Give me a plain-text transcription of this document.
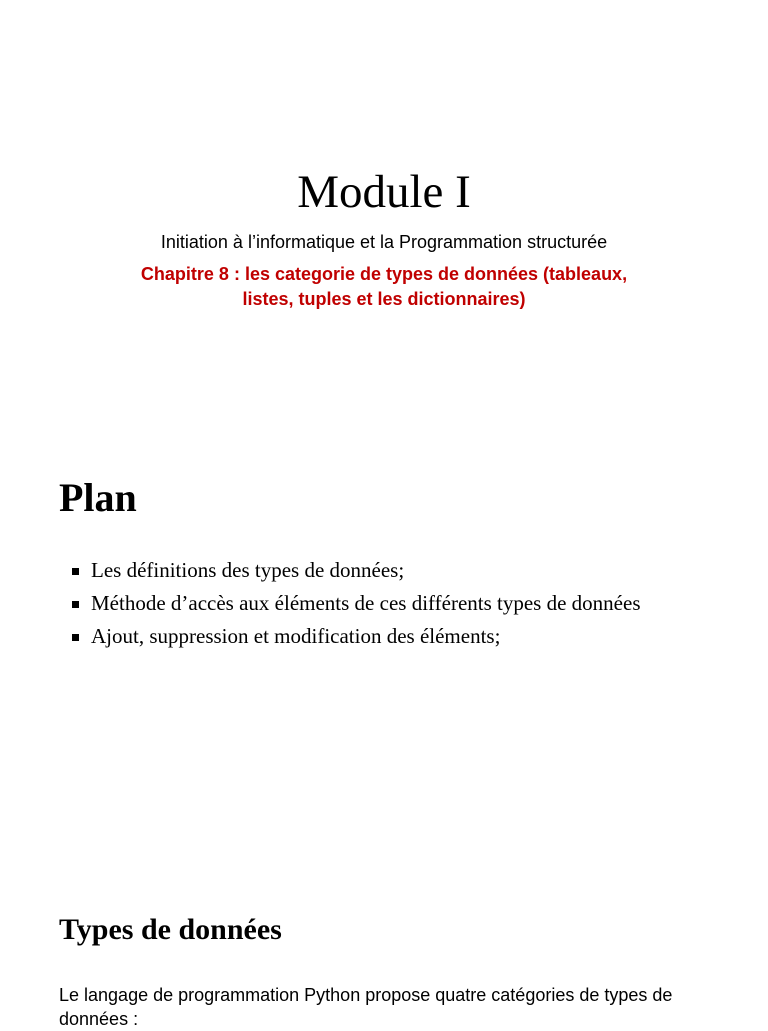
Module I

Initiation à l’informatique et la Programmation structurée

Chapitre 8 : les categorie de types de données (tableaux,
listes, tuples et les dictionnaires)

Plan
Les définitions des types de données;
Méthode d’accès aux éléments de ces différents types de données
Ajout, suppression et modification des éléments;
Types de données

Le langage de programmation Python propose quatre catégories de types de données :
